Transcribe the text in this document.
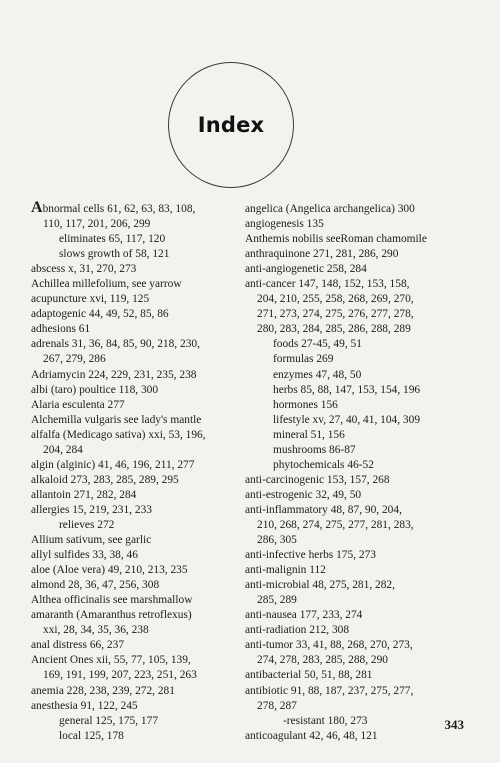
Index
Abnormal cells 61, 62, 63, 83, 108,
110, 117, 201, 206, 299
eliminates 65, 117, 120
slows growth of 58, 121
abscess x, 31, 270, 273
Achillea millefolium, see yarrow
acupuncture xvi, 119, 125
adaptogenic 44, 49, 52, 85, 86
adhesions 61
adrenals 31, 36, 84, 85, 90, 218, 230,
267, 279, 286
Adriamycin 224, 229, 231, 235, 238
albi (taro) poultice 118, 300
Alaria esculenta 277
Alchemilla vulgaris see lady's mantle
alfalfa (Medicago sativa) xxi, 53, 196,
204, 284
algin (alginic) 41, 46, 196, 211, 277
alkaloid 273, 283, 285, 289, 295
allantoin 271, 282, 284
allergies 15, 219, 231, 233
relieves 272
Allium sativum, see garlic
allyl sulfides 33, 38, 46
aloe (Aloe vera) 49, 210, 213, 235
almond 28, 36, 47, 256, 308
Althea officinalis see marshmallow
amaranth (Amaranthus retroflexus)
xxi, 28, 34, 35, 36, 238
anal distress 66, 237
Ancient Ones xii, 55, 77, 105, 139,
169, 191, 199, 207, 223, 251, 263
anemia 228, 238, 239, 272, 281
anesthesia 91, 122, 245
general 125, 175, 177
local 125, 178
angelica (Angelica archangelica) 300
angiogenesis 135
Anthemis nobilis seeRoman chamomile
anthraquinone 271, 281, 286, 290
anti-angiogenetic 258, 284
anti-cancer 147, 148, 152, 153, 158,
204, 210, 255, 258, 268, 269, 270,
271, 273, 274, 275, 276, 277, 278,
280, 283, 284, 285, 286, 288, 289
foods 27-45, 49, 51
formulas 269
enzymes 47, 48, 50
herbs 85, 88, 147, 153, 154, 196
hormones 156
lifestyle xv, 27, 40, 41, 104, 309
mineral 51, 156
mushrooms 86-87
phytochemicals 46-52
anti-carcinogenic 153, 157, 268
anti-estrogenic 32, 49, 50
anti-inflammatory 48, 87, 90, 204,
210, 268, 274, 275, 277, 281, 283,
286, 305
anti-infective herbs 175, 273
anti-malignin 112
anti-microbial 48, 275, 281, 282,
285, 289
anti-nausea 177, 233, 274
anti-radiation 212, 308
anti-tumor 33, 41, 88, 268, 270, 273,
274, 278, 283, 285, 288, 290
antibacterial 50, 51, 88, 281
antibiotic 91, 88, 187, 237, 275, 277,
278, 287
-resistant 180, 273
anticoagulant 42, 46, 48, 121
343
